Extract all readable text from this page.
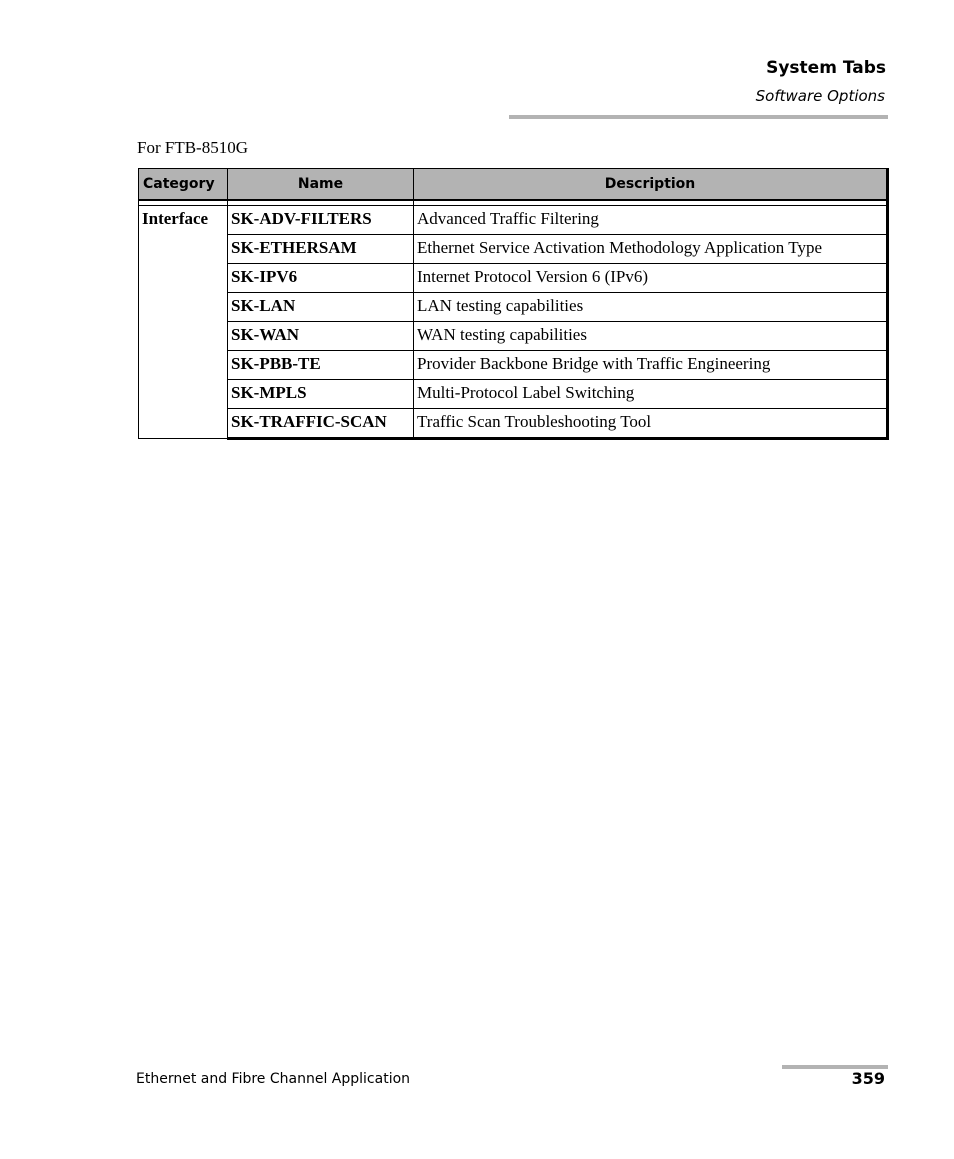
System Tabs
Software Options
For FTB-8510G
Category	Name	Description

Interface	SK-ADV-FILTERS	Advanced Traffic Filtering
	SK-ETHERSAM	Ethernet Service Activation Methodology Application Type
	SK-IPV6	Internet Protocol Version 6 (IPv6)
	SK-LAN	LAN testing capabilities
	SK-WAN	WAN testing capabilities
	SK-PBB-TE	Provider Backbone Bridge with Traffic Engineering
	SK-MPLS	Multi-Protocol Label Switching
	SK-TRAFFIC-SCAN	Traffic Scan Troubleshooting Tool
Ethernet and Fibre Channel Application	359
